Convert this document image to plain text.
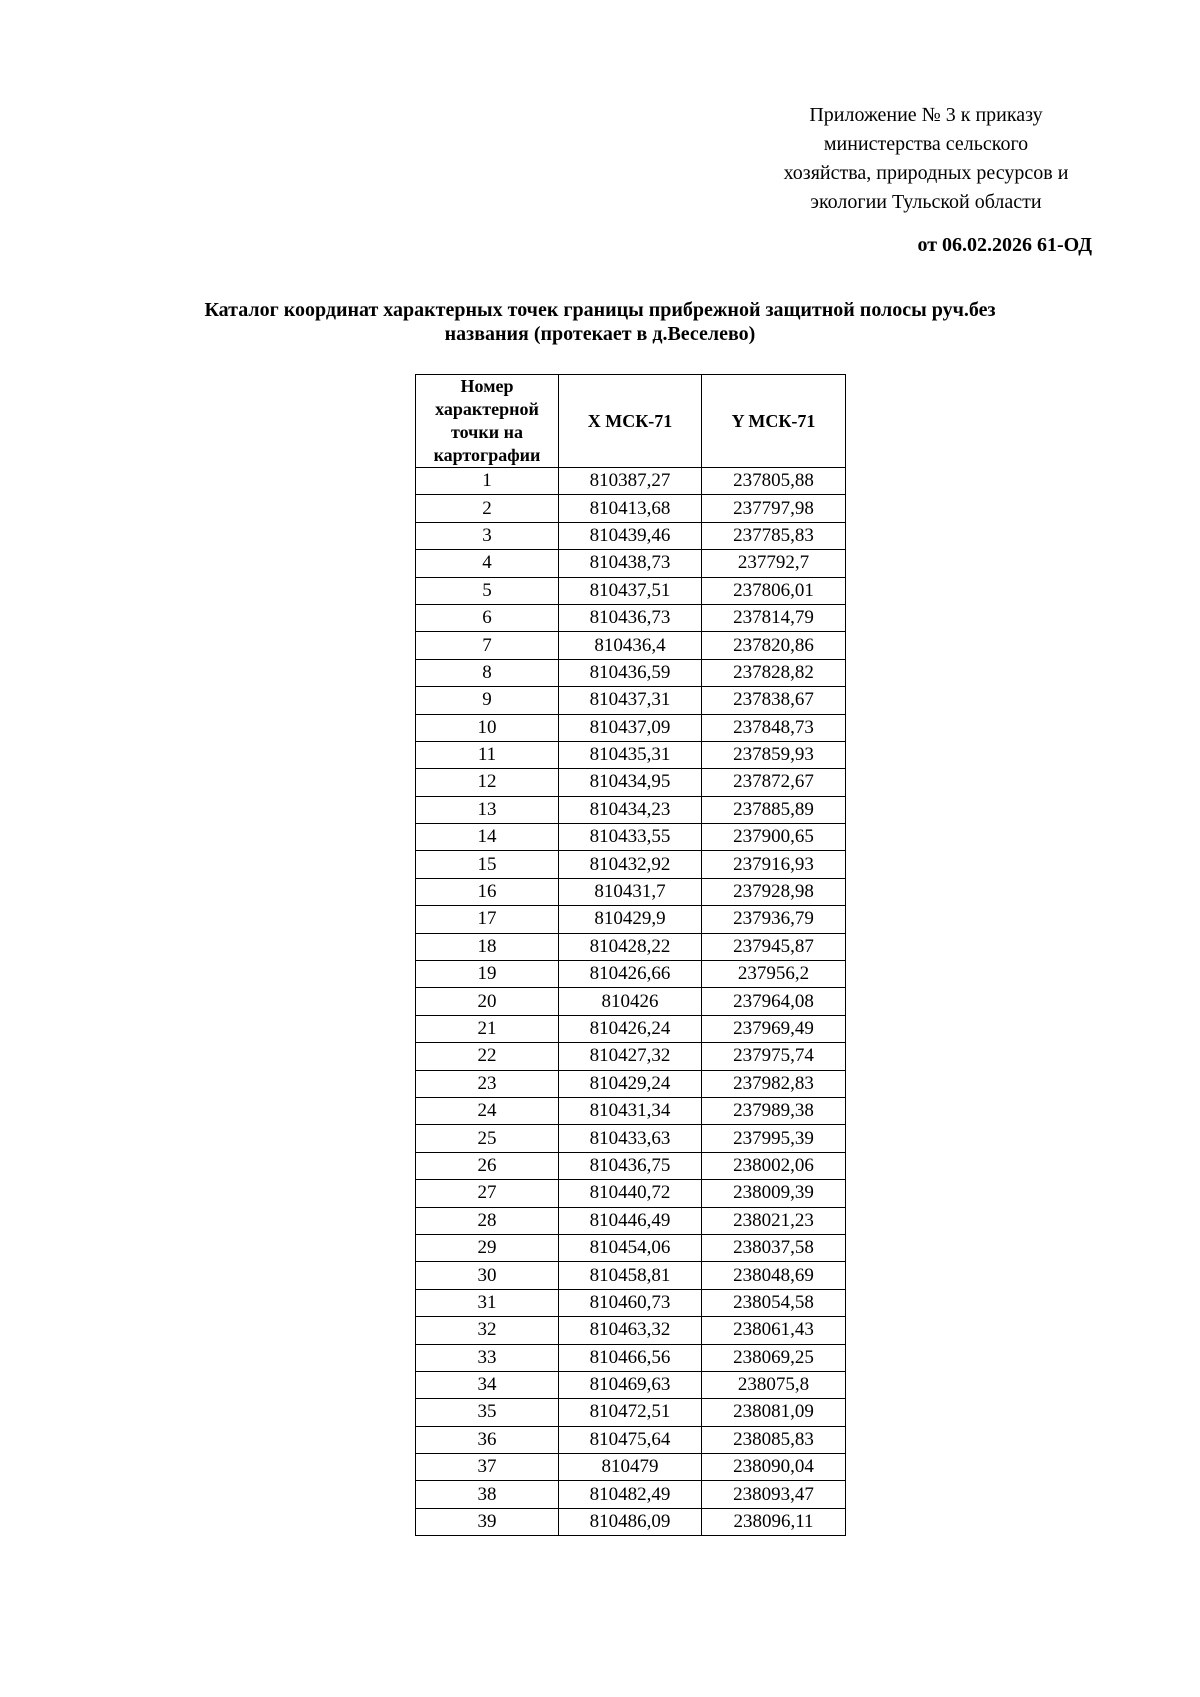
Приложение № 3 к приказу
министерства сельского
хозяйства, природных ресурсов и
экологии Тульской области
от 06.02.2026 61-ОД
Каталог координат характерных точек границы прибрежной защитной полосы руч.без
названия (протекает в д.Веселево)
Номер
характерной
точки на
картографии	X МСК-71	Y МСК-71
1	810387,27	237805,88
2	810413,68	237797,98
3	810439,46	237785,83
4	810438,73	237792,7
5	810437,51	237806,01
6	810436,73	237814,79
7	810436,4	237820,86
8	810436,59	237828,82
9	810437,31	237838,67
10	810437,09	237848,73
11	810435,31	237859,93
12	810434,95	237872,67
13	810434,23	237885,89
14	810433,55	237900,65
15	810432,92	237916,93
16	810431,7	237928,98
17	810429,9	237936,79
18	810428,22	237945,87
19	810426,66	237956,2
20	810426	237964,08
21	810426,24	237969,49
22	810427,32	237975,74
23	810429,24	237982,83
24	810431,34	237989,38
25	810433,63	237995,39
26	810436,75	238002,06
27	810440,72	238009,39
28	810446,49	238021,23
29	810454,06	238037,58
30	810458,81	238048,69
31	810460,73	238054,58
32	810463,32	238061,43
33	810466,56	238069,25
34	810469,63	238075,8
35	810472,51	238081,09
36	810475,64	238085,83
37	810479	238090,04
38	810482,49	238093,47
39	810486,09	238096,11
